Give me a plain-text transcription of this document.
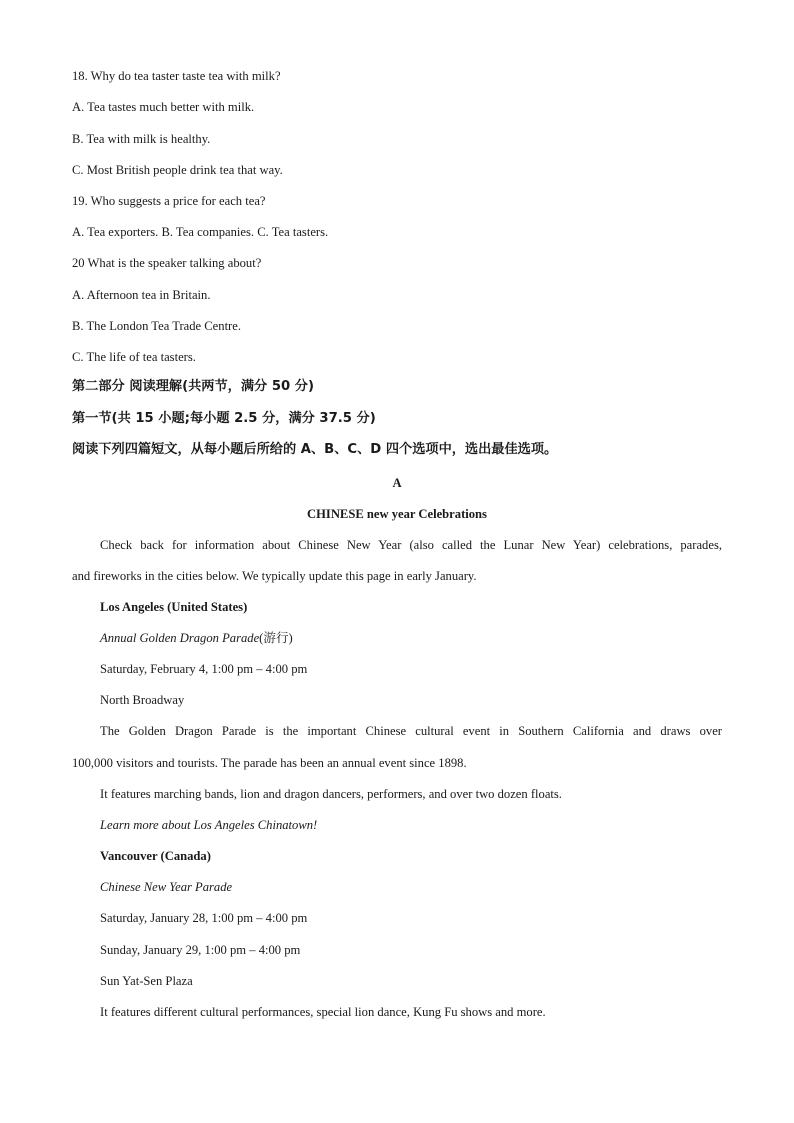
18. Why do tea taster taste tea with milk?
A. Tea tastes much better with milk.
B. Tea with milk is healthy.
C. Most British people drink tea that way.
19. Who suggests a price for each tea?
A. Tea exporters. B. Tea companies. C. Tea tasters.
20 What is the speaker talking about?
A. Afternoon tea in Britain.
B. The London Tea Trade Centre.
C. The life of tea tasters.
第二部分 阅读理解(共两节，满分 50 分)
第一节(共 15 小题;每小题 2.5 分，满分 37.5 分)
阅读下列四篇短文，从每小题后所给的 A、B、C、D 四个选项中，选出最佳选项。
A
CHINESE new year Celebrations
Check back for information about Chinese New Year (also called the Lunar New Year) celebrations, parades,
and fireworks in the cities below. We typically update this page in early January.
Los Angeles (United States)
Annual Golden Dragon Parade(游行)
Saturday, February 4, 1:00 pm – 4:00 pm
North Broadway
The Golden Dragon Parade is the important Chinese cultural event in Southern California and draws over
100,000 visitors and tourists. The parade has been an annual event since 1898.
It features marching bands, lion and dragon dancers, performers, and over two dozen floats.
Learn more about Los Angeles Chinatown!
Vancouver (Canada)
Chinese New Year Parade
Saturday, January 28, 1:00 pm – 4:00 pm
Sunday, January 29, 1:00 pm – 4:00 pm
Sun Yat-Sen Plaza
It features different cultural performances, special lion dance, Kung Fu shows and more.
